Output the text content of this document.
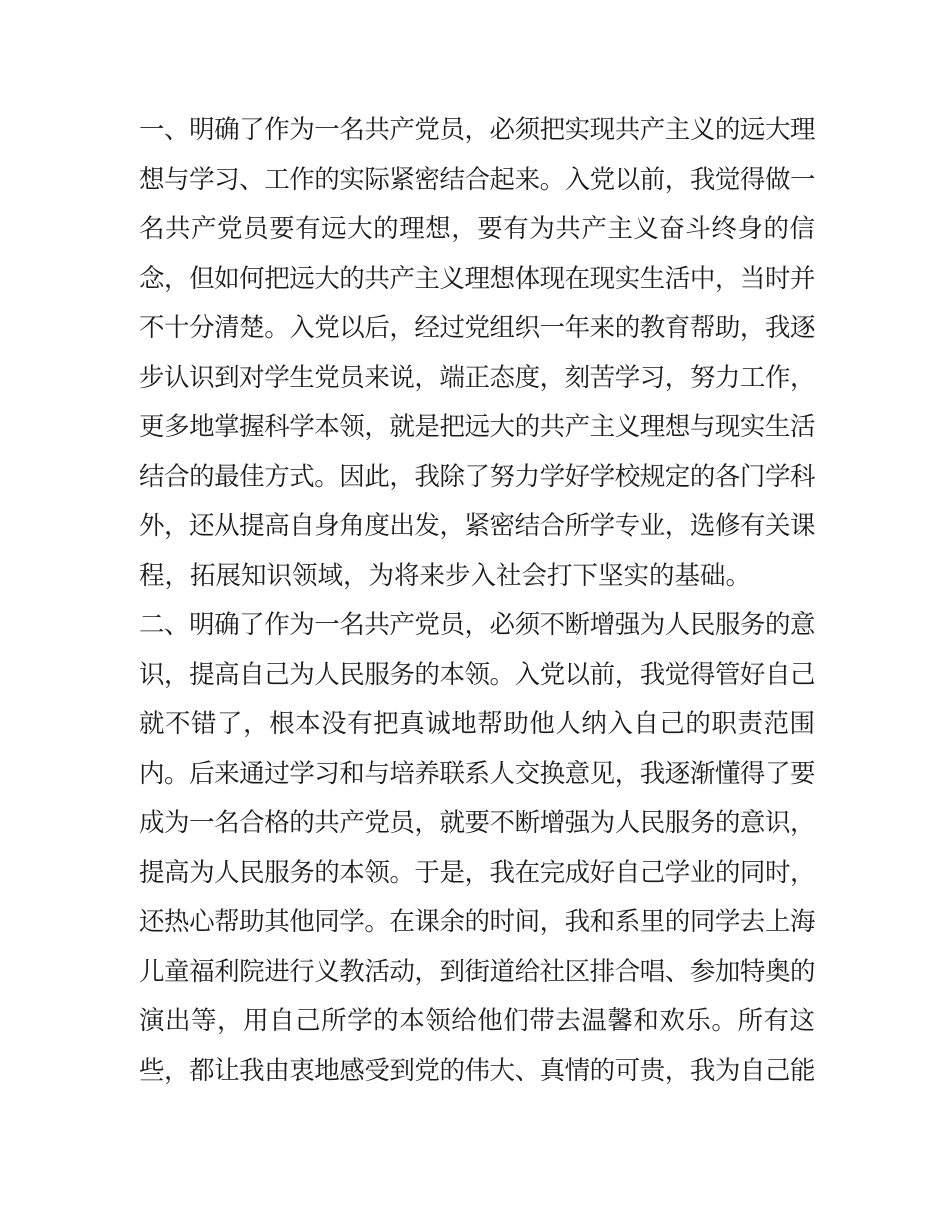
一、明确了作为一名共产党员，必须把实现共产主义的远大理
想与学习、工作的实际紧密结合起来。入党以前，我觉得做一
名共产党员要有远大的理想，要有为共产主义奋斗终身的信
念，但如何把远大的共产主义理想体现在现实生活中，当时并
不十分清楚。入党以后，经过党组织一年来的教育帮助，我逐
步认识到对学生党员来说，端正态度，刻苦学习，努力工作，
更多地掌握科学本领，就是把远大的共产主义理想与现实生活
结合的最佳方式。因此，我除了努力学好学校规定的各门学科
外，还从提高自身角度出发，紧密结合所学专业，选修有关课
程，拓展知识领域，为将来步入社会打下坚实的基础。
二、明确了作为一名共产党员，必须不断增强为人民服务的意
识，提高自己为人民服务的本领。入党以前，我觉得管好自己
就不错了，根本没有把真诚地帮助他人纳入自己的职责范围
内。后来通过学习和与培养联系人交换意见，我逐渐懂得了要
成为一名合格的共产党员，就要不断增强为人民服务的意识，
提高为人民服务的本领。于是，我在完成好自己学业的同时，
还热心帮助其他同学。在课余的时间，我和系里的同学去上海
儿童福利院进行义教活动，到街道给社区排合唱、参加特奥的
演出等，用自己所学的本领给他们带去温馨和欢乐。所有这
些，都让我由衷地感受到党的伟大、真情的可贵，我为自己能
